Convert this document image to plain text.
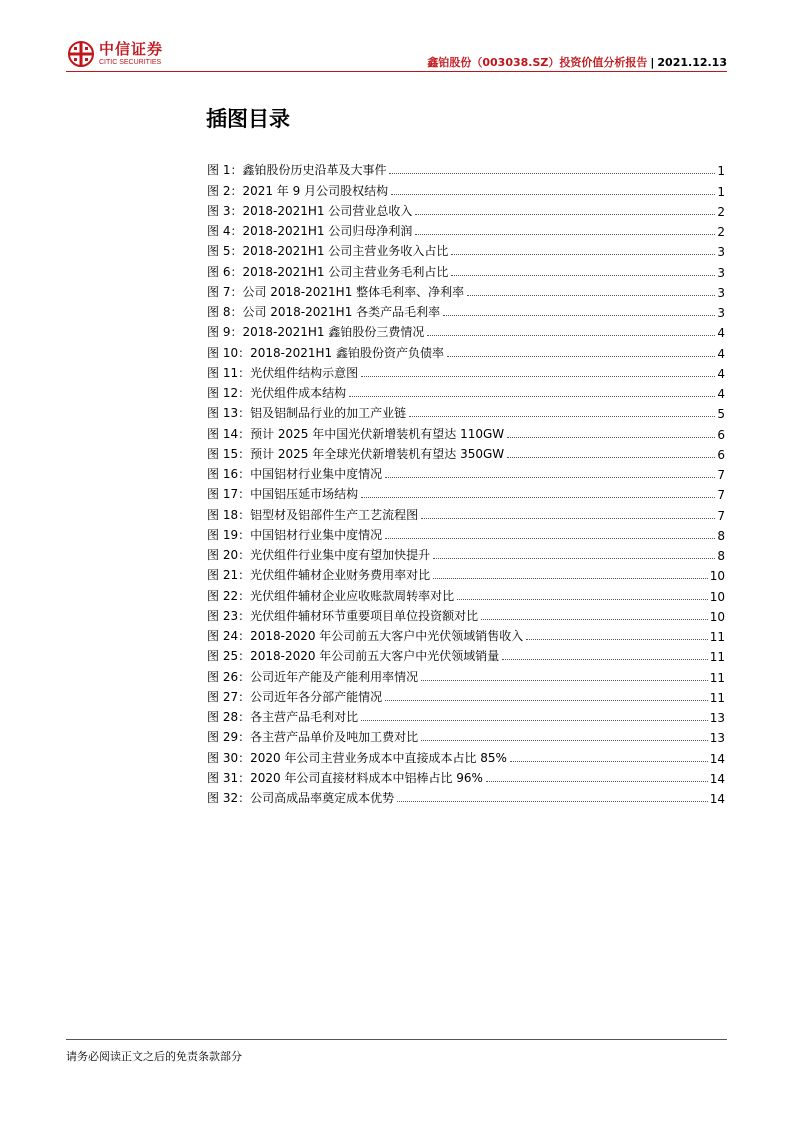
中信证券
CITIC SECURITIES	鑫铂股份（003038.SZ）投资价值分析报告 | 2021.12.13
插图目录
图 1：鑫铂股份历史沿革及大事件	1
图 2：2021 年 9 月公司股权结构	1
图 3：2018-2021H1 公司营业总收入	2
图 4：2018-2021H1 公司归母净利润	2
图 5：2018-2021H1 公司主营业务收入占比	3
图 6：2018-2021H1 公司主营业务毛利占比	3
图 7：公司 2018-2021H1 整体毛利率、净利率	3
图 8：公司 2018-2021H1 各类产品毛利率	3
图 9：2018-2021H1 鑫铂股份三费情况	4
图 10：2018-2021H1 鑫铂股份资产负债率	4
图 11：光伏组件结构示意图	4
图 12：光伏组件成本结构	4
图 13：铝及铝制品行业的加工产业链	5
图 14：预计 2025 年中国光伏新增装机有望达 110GW	6
图 15：预计 2025 年全球光伏新增装机有望达 350GW	6
图 16：中国铝材行业集中度情况	7
图 17：中国铝压延市场结构	7
图 18：铝型材及铝部件生产工艺流程图	7
图 19：中国铝材行业集中度情况	8
图 20：光伏组件行业集中度有望加快提升	8
图 21：光伏组件辅材企业财务费用率对比	10
图 22：光伏组件辅材企业应收账款周转率对比	10
图 23：光伏组件辅材环节重要项目单位投资额对比	10
图 24：2018-2020 年公司前五大客户中光伏领域销售收入	11
图 25：2018-2020 年公司前五大客户中光伏领域销量	11
图 26：公司近年产能及产能利用率情况	11
图 27：公司近年各分部产能情况	11
图 28：各主营产品毛利对比	13
图 29：各主营产品单价及吨加工费对比	13
图 30：2020 年公司主营业务成本中直接成本占比 85%	14
图 31：2020 年公司直接材料成本中铝棒占比 96%	14
图 32：公司高成品率奠定成本优势	14
请务必阅读正文之后的免责条款部分
